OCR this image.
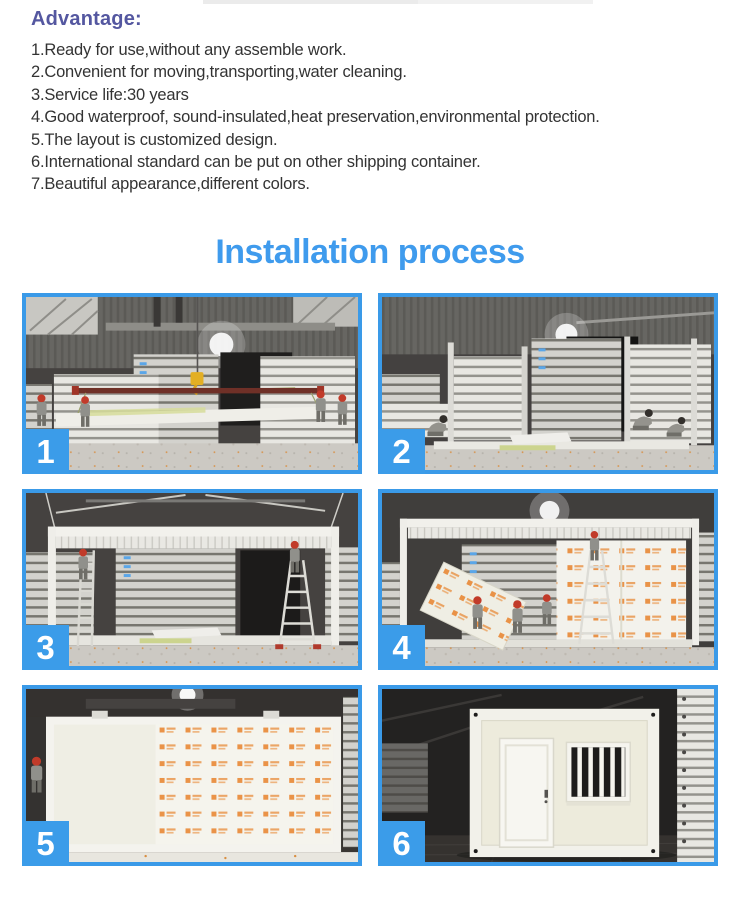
Advantage:
1.Ready for use,without any assemble work.
2.Convenient for moving,transporting,water cleaning.
3.Service life:30 years
4.Good waterproof, sound-insulated,heat preservation,environmental protection.
5.The layout is customized design.
6.International standard can be put on other shipping container.
7.Beautiful appearance,different colors.
Installation process
1	2
3	4
5	6
